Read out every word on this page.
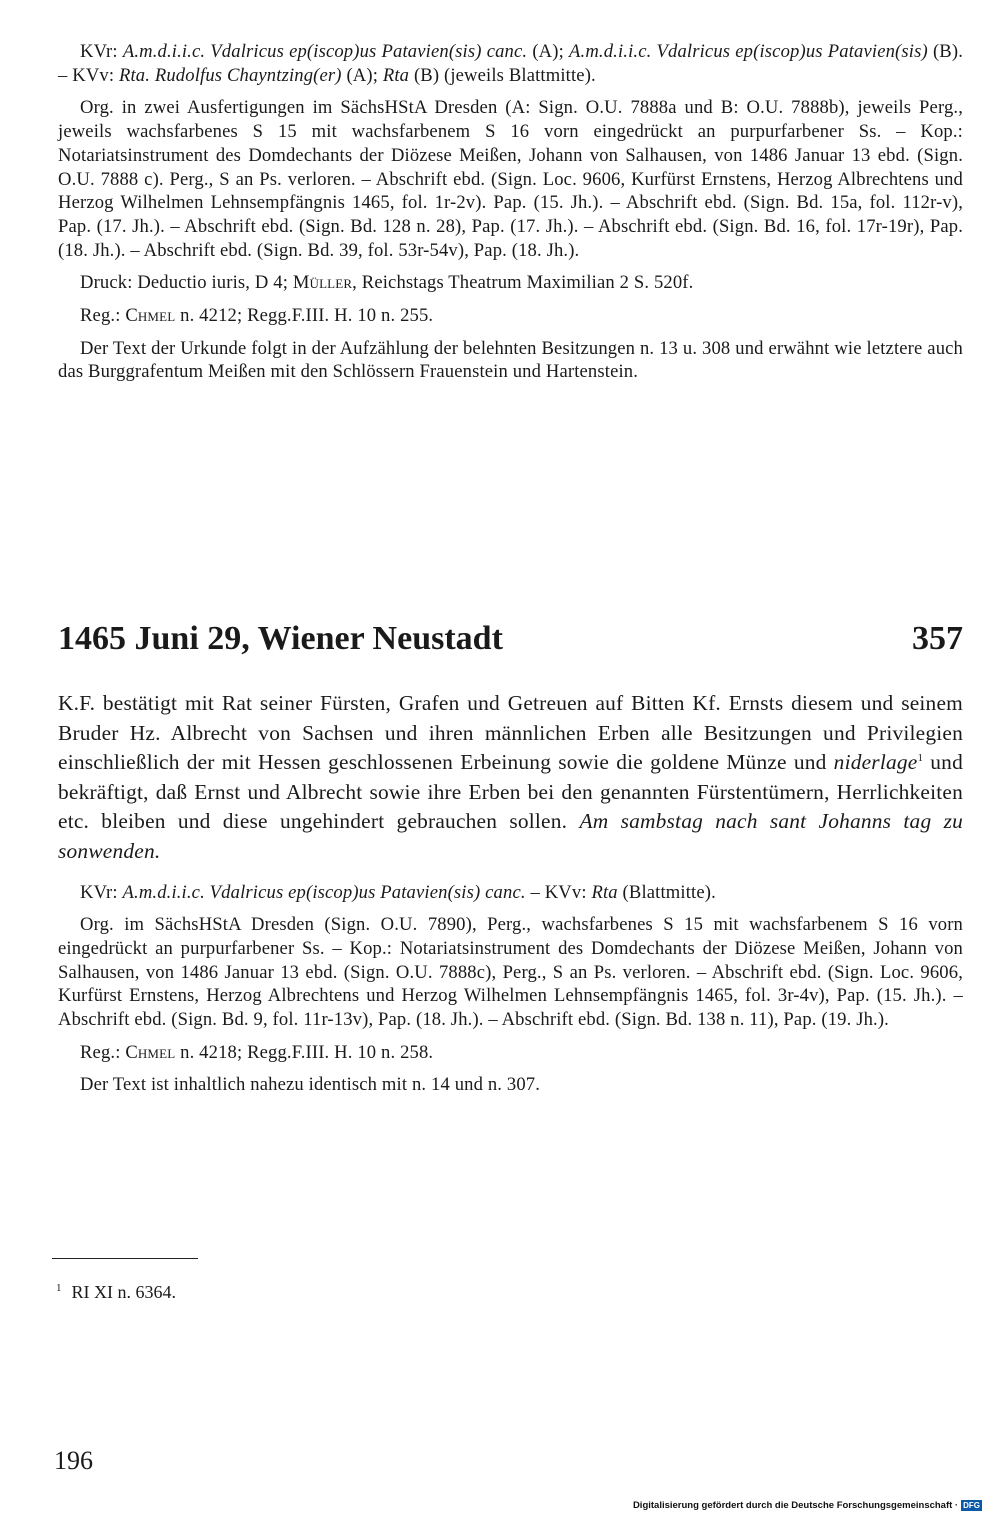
KVr: A.m.d.i.i.c. Vdalricus ep(iscop)us Patavien(sis) canc. (A); A.m.d.i.i.c. Vdalricus ep(iscop)us Patavien(sis) (B). – KVv: Rta. Rudolfus Chayntzing(er) (A); Rta (B) (jeweils Blattmitte).

Org. in zwei Ausfertigungen im SächsHStA Dresden (A: Sign. O.U. 7888a und B: O.U. 7888b), jeweils Perg., jeweils wachsfarbenes S 15 mit wachsfarbenem S 16 vorn eingedrückt an purpurfarbener Ss. – Kop.: Notariatsinstrument des Domdechants der Diözese Meißen, Johann von Salhausen, von 1486 Januar 13 ebd. (Sign. O.U. 7888 c). Perg., S an Ps. verloren. – Abschrift ebd. (Sign. Loc. 9606, Kurfürst Ernstens, Herzog Albrechtens und Herzog Wilhelmen Lehnsempfängnis 1465, fol. 1r-2v). Pap. (15. Jh.). – Abschrift ebd. (Sign. Bd. 15a, fol. 112r-v), Pap. (17. Jh.). – Abschrift ebd. (Sign. Bd. 128 n. 28), Pap. (17. Jh.). – Abschrift ebd. (Sign. Bd. 16, fol. 17r-19r), Pap. (18. Jh.). – Abschrift ebd. (Sign. Bd. 39, fol. 53r-54v), Pap. (18. Jh.).

Druck: Deductio iuris, D 4; Müller, Reichstags Theatrum Maximilian 2 S. 520f.

Reg.: Chmel n. 4212; Regg.F.III. H. 10 n. 255.

Der Text der Urkunde folgt in der Aufzählung der belehnten Besitzungen n. 13 u. 308 und erwähnt wie letztere auch das Burggrafentum Meißen mit den Schlössern Frauenstein und Hartenstein.

1465 Juni 29, Wiener Neustadt	357

K.F. bestätigt mit Rat seiner Fürsten, Grafen und Getreuen auf Bitten Kf. Ernsts diesem und seinem Bruder Hz. Albrecht von Sachsen und ihren männlichen Erben alle Besitzungen und Privilegien einschließlich der mit Hessen geschlossenen Erbeinung sowie die goldene Münze und niderlage$^1$ und bekräftigt, daß Ernst und Albrecht sowie ihre Erben bei den genannten Fürstentümern, Herrlichkeiten etc. bleiben und diese ungehindert gebrauchen sollen. Am sambstag nach sant Johanns tag zu sonwenden.

KVr: A.m.d.i.i.c. Vdalricus ep(iscop)us Patavien(sis) canc. – KVv: Rta (Blattmitte).

Org. im SächsHStA Dresden (Sign. O.U. 7890), Perg., wachsfarbenes S 15 mit wachsfarbenem S 16 vorn eingedrückt an purpurfarbener Ss. – Kop.: Notariatsinstrument des Domdechants der Diözese Meißen, Johann von Salhausen, von 1486 Januar 13 ebd. (Sign. O.U. 7888c), Perg., S an Ps. verloren. – Abschrift ebd. (Sign. Loc. 9606, Kurfürst Ernstens, Herzog Albrechtens und Herzog Wilhelmen Lehnsempfängnis 1465, fol. 3r-4v), Pap. (15. Jh.). – Abschrift ebd. (Sign. Bd. 9, fol. 11r-13v), Pap. (18. Jh.). – Abschrift ebd. (Sign. Bd. 138 n. 11), Pap. (19. Jh.).

Reg.: Chmel n. 4218; Regg.F.III. H. 10 n. 258.

Der Text ist inhaltlich nahezu identisch mit n. 14 und n. 307.

$^1$ RI XI n. 6364.
196
Digitalisierung gefördert durch die Deutsche Forschungsgemeinschaft · DFG
